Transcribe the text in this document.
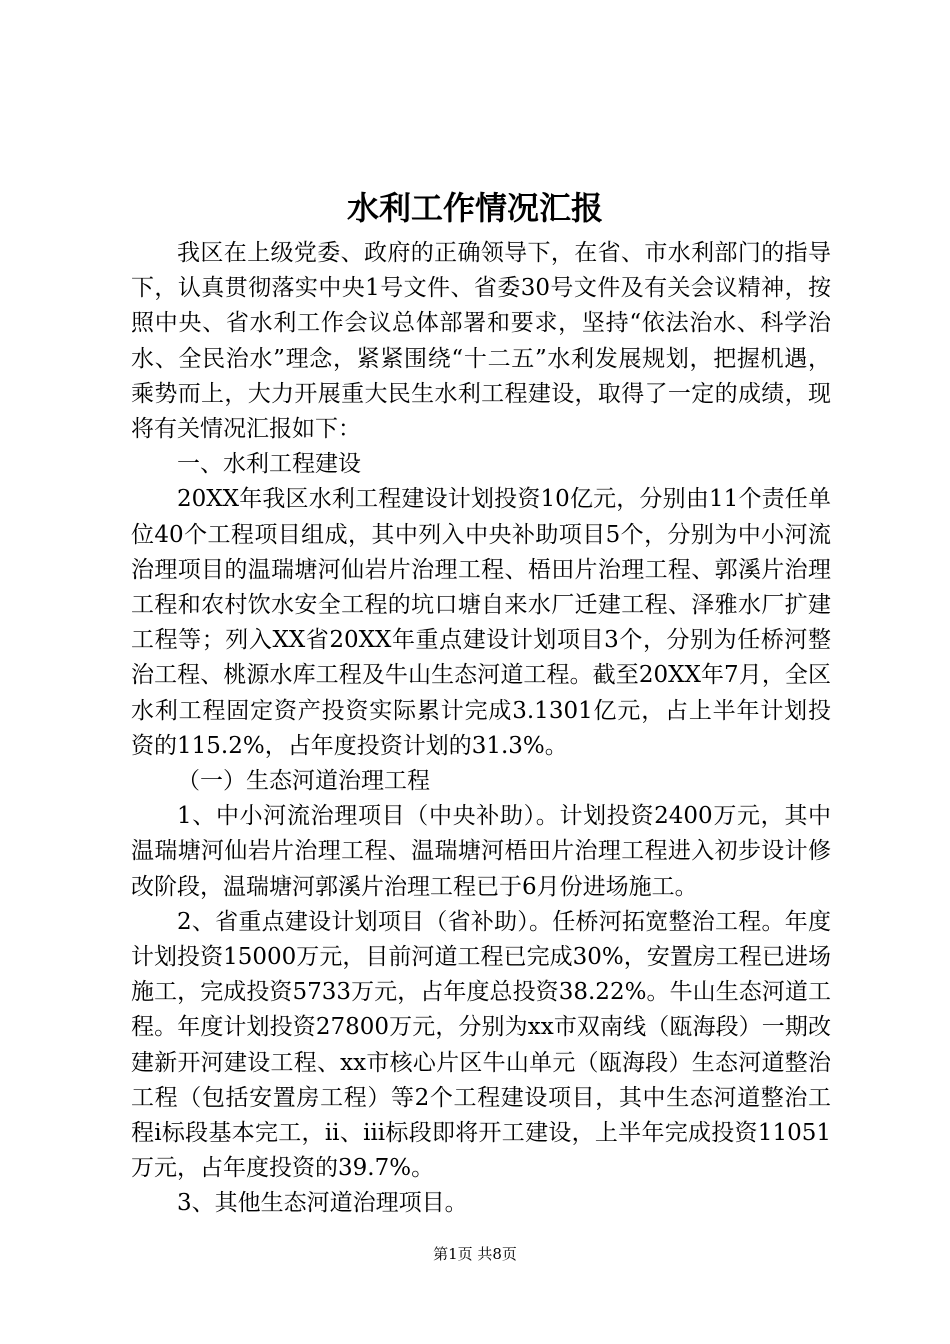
水利工作情况汇报

我区在上级党委、政府的正确领导下，在省、市水利部门的指导下，认真贯彻落实中央1号文件、省委30号文件及有关会议精神，按照中央、省水利工作会议总体部署和要求，坚持“依法治水、科学治水、全民治水”理念，紧紧围绕“十二五”水利发展规划，把握机遇，乘势而上，大力开展重大民生水利工程建设，取得了一定的成绩，现将有关情况汇报如下：

一、水利工程建设

20XX年我区水利工程建设计划投资10亿元，分别由11个责任单位40个工程项目组成，其中列入中央补助项目5个，分别为中小河流治理项目的温瑞塘河仙岩片治理工程、梧田片治理工程、郭溪片治理工程和农村饮水安全工程的坑口塘自来水厂迁建工程、泽雅水厂扩建工程等；列入XX省20XX年重点建设计划项目3个，分别为任桥河整治工程、桃源水库工程及牛山生态河道工程。截至20XX年7月，全区水利工程固定资产投资实际累计完成3.1301亿元，占上半年计划投资的115.2%，占年度投资计划的31.3%。

（一）生态河道治理工程

1、中小河流治理项目（中央补助）。计划投资2400万元，其中温瑞塘河仙岩片治理工程、温瑞塘河梧田片治理工程进入初步设计修改阶段，温瑞塘河郭溪片治理工程已于6月份进场施工。

2、省重点建设计划项目（省补助）。任桥河拓宽整治工程。年度计划投资15000万元，目前河道工程已完成30%，安置房工程已进场施工，完成投资5733万元，占年度总投资38.22%。牛山生态河道工程。年度计划投资27800万元，分别为xx市双南线（瓯海段）一期改建新开河建设工程、xx市核心片区牛山单元（瓯海段）生态河道整治工程（包括安置房工程）等2个工程建设项目，其中生态河道整治工程i标段基本完工，ii、iii标段即将开工建设，上半年完成投资11051万元，占年度投资的39.7%。

3、其他生态河道治理项目。

第1页 共8页
